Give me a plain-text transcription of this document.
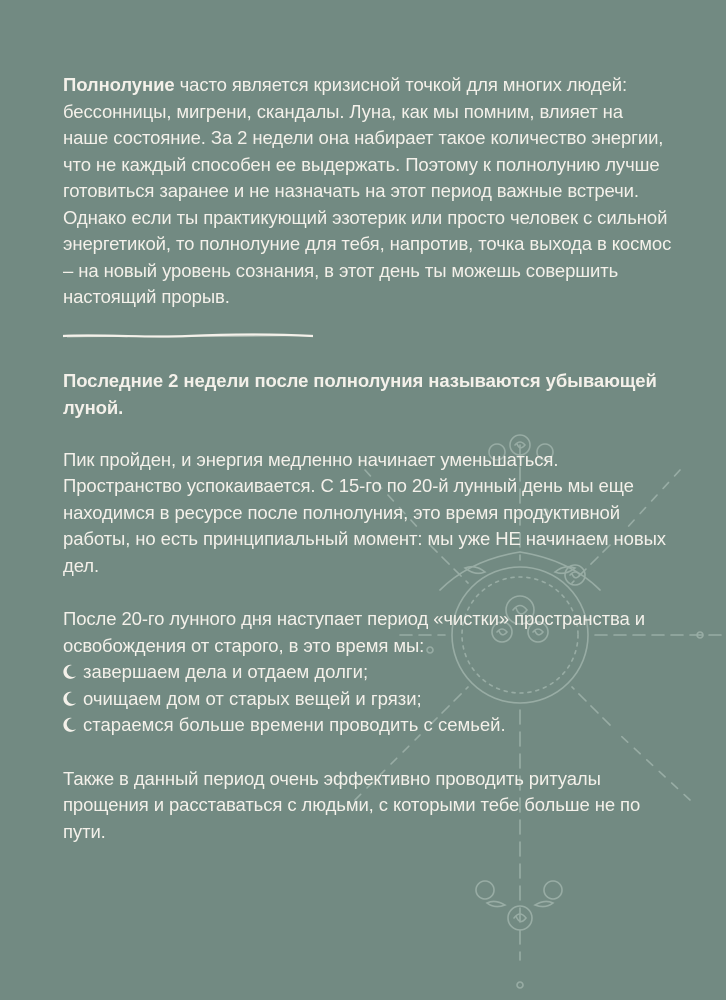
Полнолуние часто является кризисной точкой для многих людей: бессонницы, мигрени, скандалы. Луна, как мы помним, влияет на наше состояние. За 2 недели она набирает такое количество энергии, что не каждый способен ее выдержать. Поэтому к полнолунию лучше готовиться заранее и не назначать на этот период важные встречи. Однако если ты практикующий эзотерик или просто человек с сильной энергетикой, то полнолуние для тебя, напротив, точка выхода в космос – на новый уровень сознания, в этот день ты можешь совершить настоящий прорыв.

Последние 2 недели после полнолуния называются убывающей луной.

Пик пройден, и энергия медленно начинает уменьшаться. Пространство успокаивается. С 15-го по 20-й лунный день мы еще находимся в ресурсе после полнолуния, это время продуктивной работы, но есть принципиальный момент: мы уже НЕ начинаем новых дел.

После 20-го лунного дня наступает период «чистки» пространства и освобождения от старого, в это время мы:

завершаем дела и отдаем долги;
очищаем дом от старых вещей и грязи;
стараемся больше времени проводить с семьей.

Также в данный период очень эффективно проводить ритуалы прощения и расставаться с людьми, с которыми тебе больше не по пути.
